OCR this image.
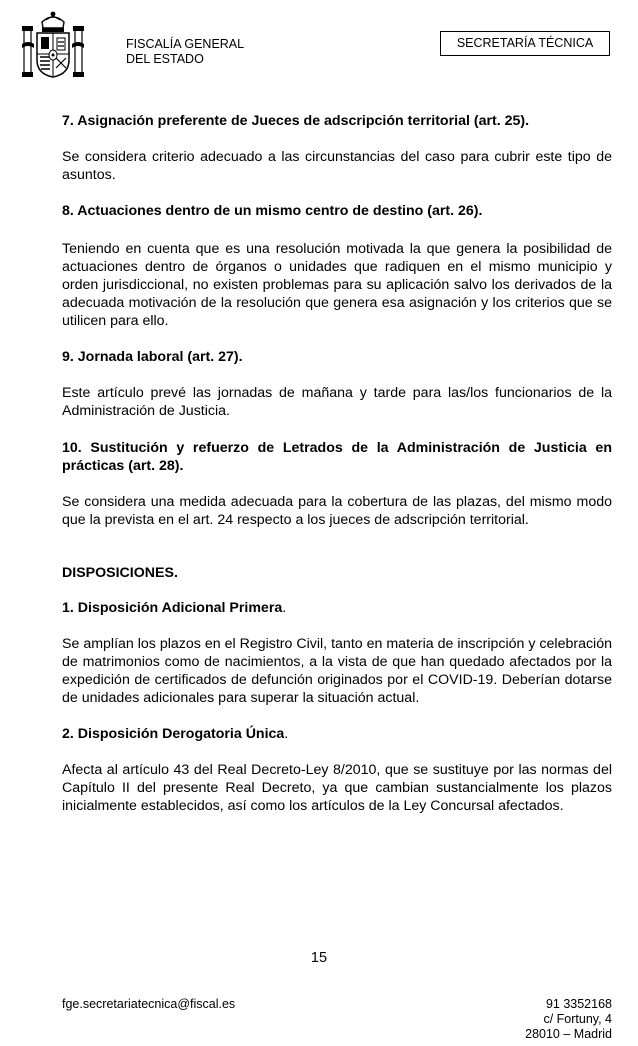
FISCALÍA GENERAL
DEL ESTADO
SECRETARÍA TÉCNICA

7. Asignación preferente de Jueces de adscripción territorial (art. 25).

Se considera criterio adecuado a las circunstancias del caso para cubrir este tipo de asuntos.

8. Actuaciones dentro de un mismo centro de destino (art. 26).

Teniendo en cuenta que es una resolución motivada la que genera la posibilidad de actuaciones dentro de órganos o unidades que radiquen en el mismo municipio y orden jurisdiccional, no existen problemas para su aplicación salvo los derivados de la adecuada motivación de la resolución que genera esa asignación y los criterios que se utilicen para ello.

9. Jornada laboral (art. 27).

Este artículo prevé las jornadas de mañana y tarde para las/los funcionarios de la Administración de Justicia.

10. Sustitución y refuerzo de Letrados de la Administración de Justicia en prácticas (art. 28).

Se considera una medida adecuada para la cobertura de las plazas, del mismo modo que la prevista en el art. 24 respecto a los jueces de adscripción territorial.

DISPOSICIONES.

1. Disposición Adicional Primera.

Se amplían los plazos en el Registro Civil, tanto en materia de inscripción y celebración de matrimonios como de nacimientos, a la vista de que han quedado afectados por la expedición de certificados de defunción originados por el COVID-19. Deberían dotarse de unidades adicionales para superar la situación actual.

2. Disposición Derogatoria Única.

Afecta al artículo 43 del Real Decreto-Ley 8/2010, que se sustituye por las normas del Capítulo II del presente Real Decreto, ya que cambian sustancialmente los plazos inicialmente establecidos, así como los artículos de la Ley Concursal afectados.

15
fge.secretariatecnica@fiscal.es	91 3352168
c/ Fortuny, 4
28010 – Madrid
